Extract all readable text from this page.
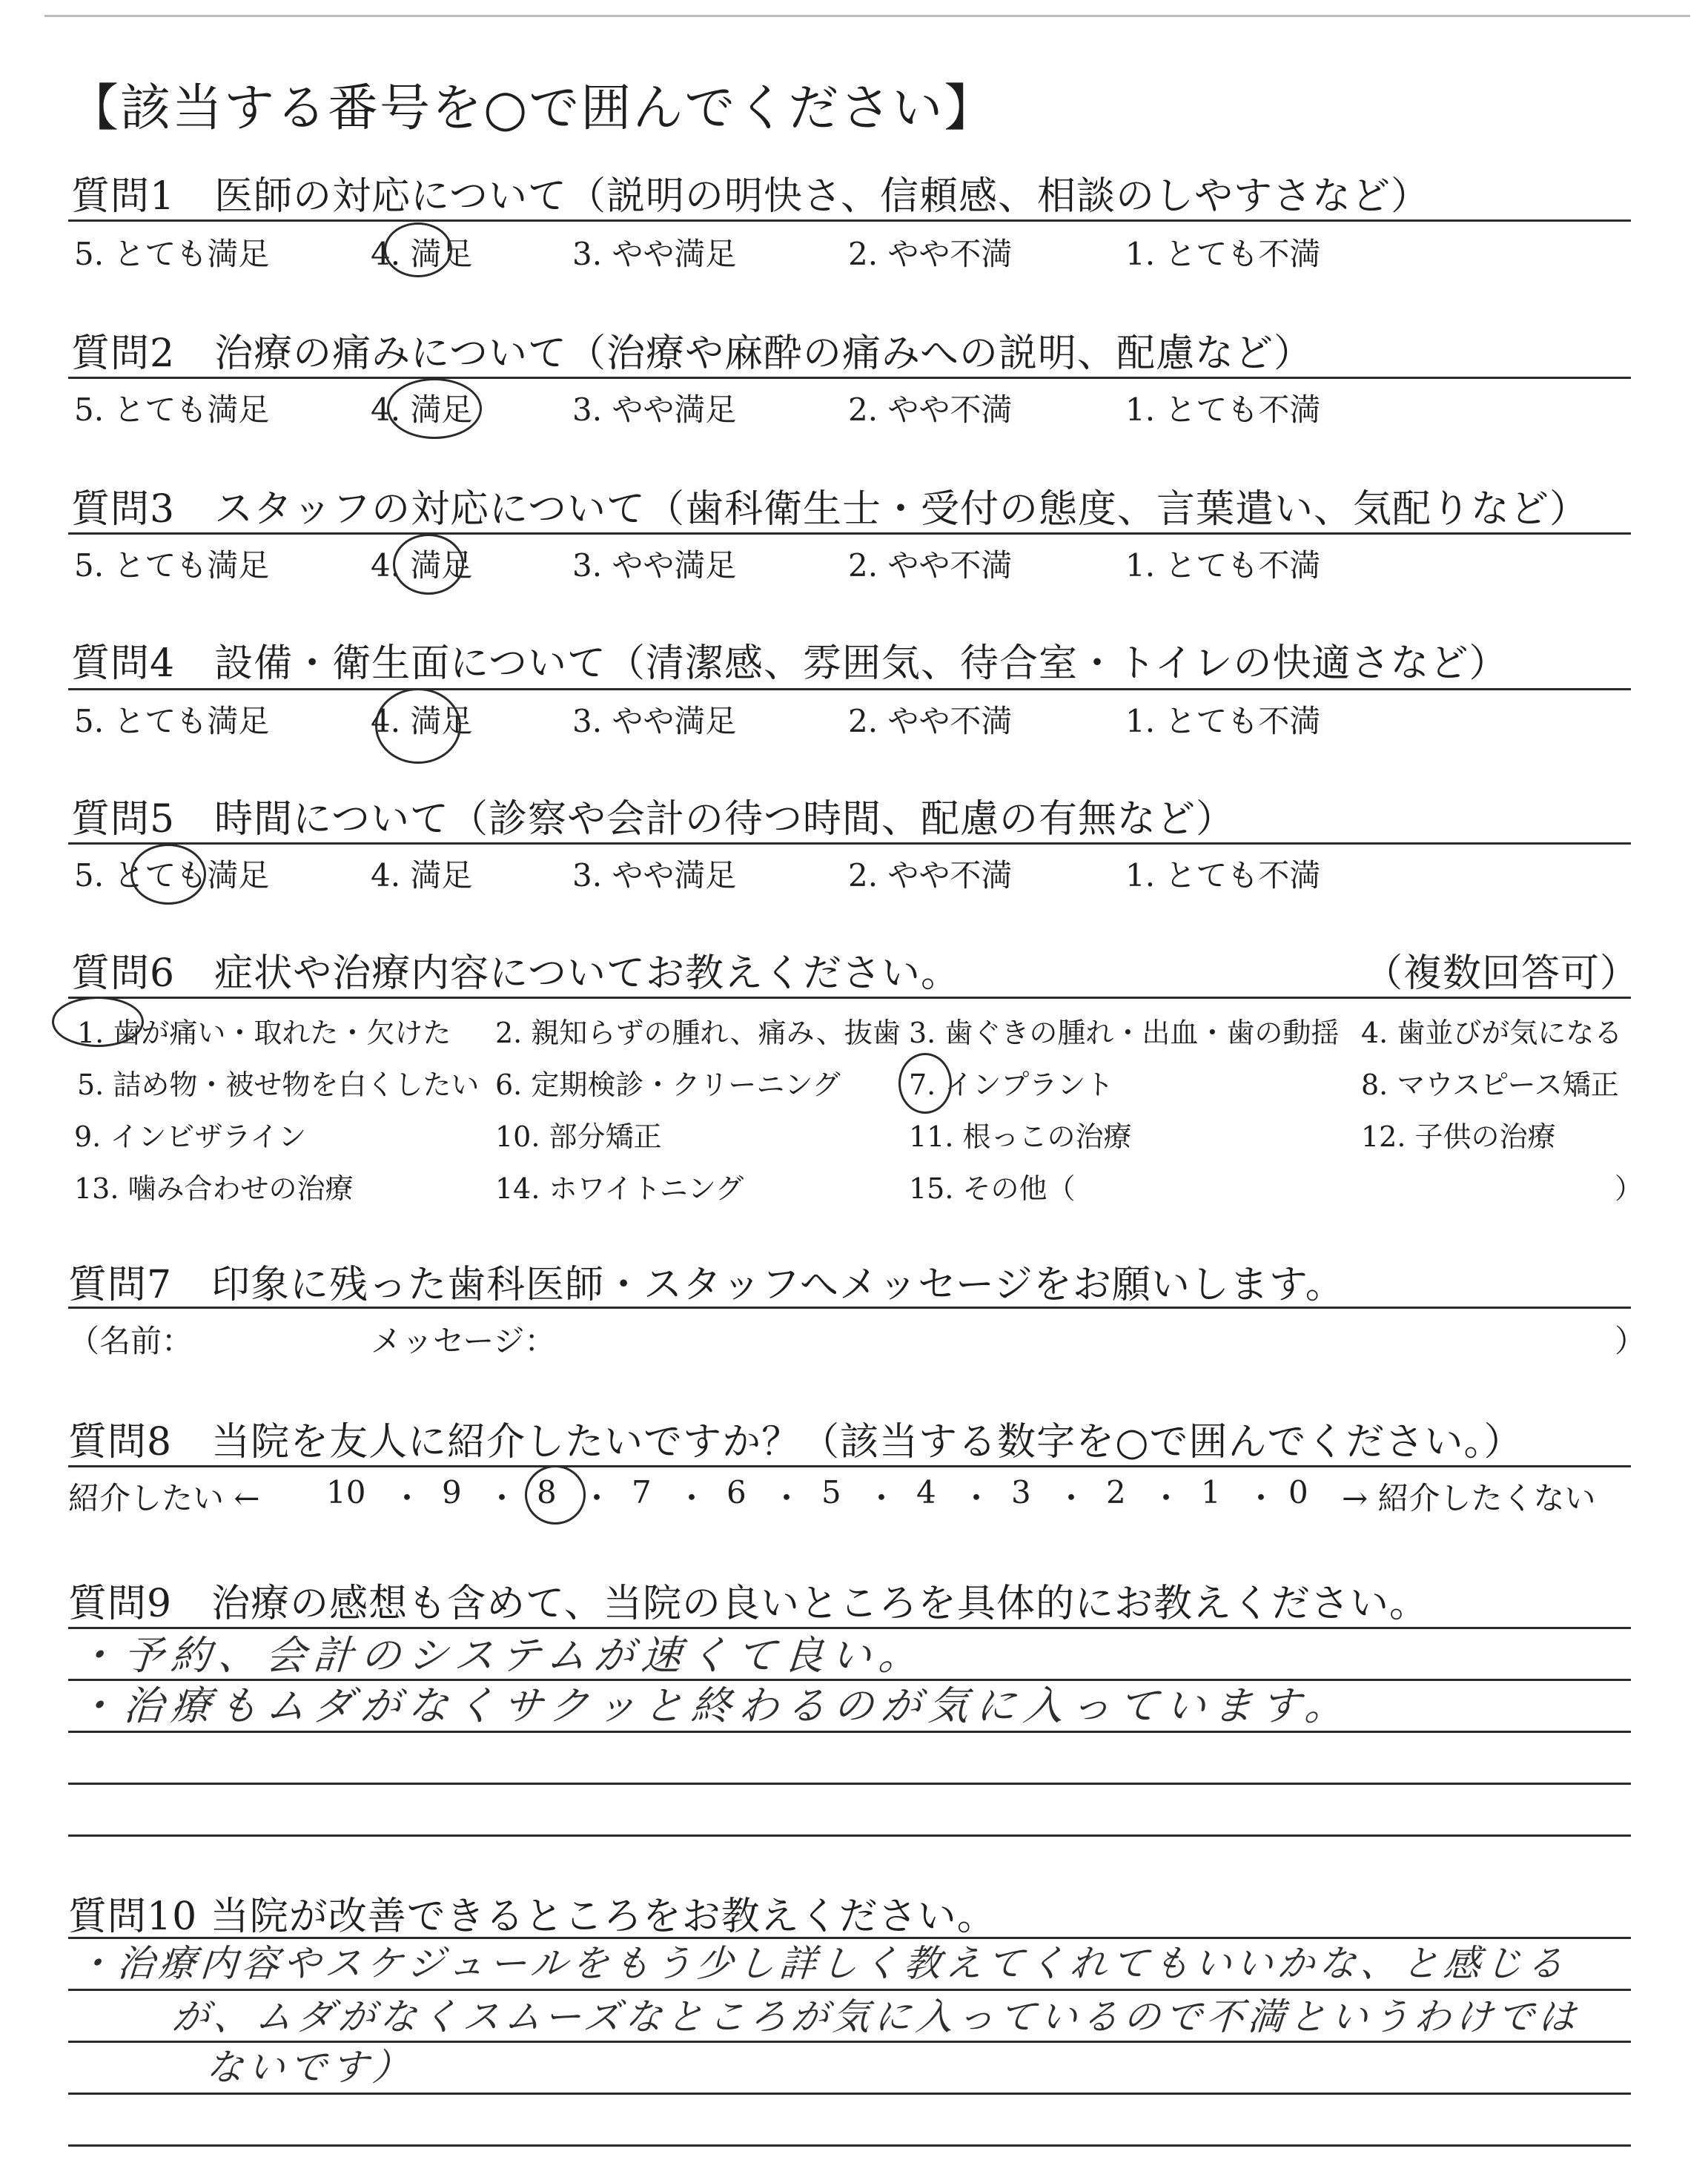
【該当する番号を○で囲んでください】
質問1　医師の対応について（説明の明快さ、信頼感、相談のしやすさなど）
5. とても満足	4. 満足	3. やや満足	2. やや不満	1. とても不満
質問2　治療の痛みについて（治療や麻酔の痛みへの説明、配慮など）
5. とても満足	4. 満足	3. やや満足	2. やや不満	1. とても不満
質問3　スタッフの対応について（歯科衛生士・受付の態度、言葉遣い、気配りなど）
5. とても満足	4. 満足	3. やや満足	2. やや不満	1. とても不満
質問4　設備・衛生面について（清潔感、雰囲気、待合室・トイレの快適さなど）
5. とても満足	4. 満足	3. やや満足	2. やや不満	1. とても不満
質問5　時間について（診察や会計の待つ時間、配慮の有無など）
5. とても満足	4. 満足	3. やや満足	2. やや不満	1. とても不満
質問6　症状や治療内容についてお教えください。	（複数回答可）
1. 歯が痛い・取れた・欠けた 2. 親知らずの腫れ、痛み、抜歯 3. 歯ぐきの腫れ・出血・歯の動揺 4. 歯並びが気になる
5. 詰め物・被せ物を白くしたい 6. 定期検診・クリーニング 7. インプラント	8. マウスピース矯正
9. インビザライン	10. 部分矯正	11. 根っこの治療	12. 子供の治療
13. 噛み合わせの治療	14. ホワイトニング	15. その他（	）
質問7　印象に残った歯科医師・スタッフへメッセージをお願いします。
（名前：	メッセージ：	）
質問8　当院を友人に紹介したいですか？（該当する数字を○で囲んでください。）
紹介したい ← 10 ・ 9 ・ 8 ・ 7 ・ 6 ・ 5 ・ 4 ・ 3 ・ 2 ・ 1 ・ 0 → 紹介したくない
質問9　治療の感想も含めて、当院の良いところを具体的にお教えください。
・予約、会計のシステムが速くて良い。
・治療もムダがなくサクッと終わるのが気に入っています。
質問10 当院が改善できるところをお教えください。
・治療内容やスケジュールをもう少し詳しく教えてくれてもいいかな、と感じる
が、ムダがなくスムーズなところが気に入っているので不満というわけでは
ないです）
